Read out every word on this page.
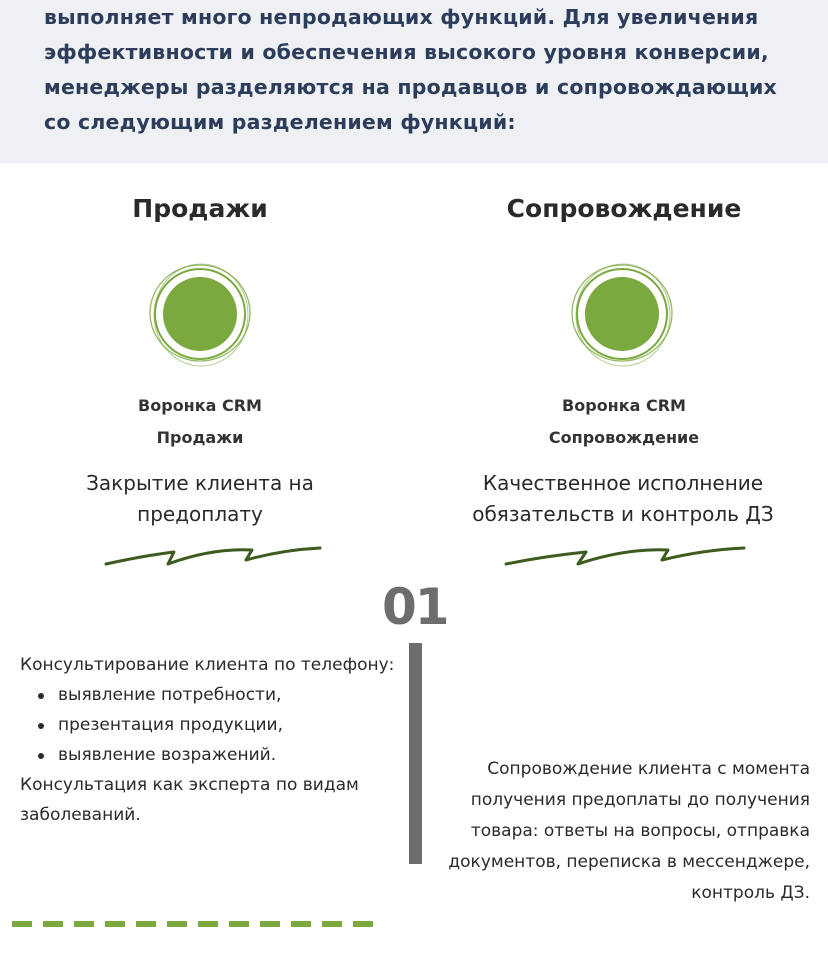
выполняет много непродающих функций. Для увеличения эффективности и обеспечения высокого уровня конверсии, менеджеры разделяются на продавцов и сопровождающих со следующим разделением функций:

Продажи
Воронка CRM
Продажи
Закрытие клиента на предоплату
Сопровождение
Воронка CRM
Сопровождение
Качественное исполнение обязательств и контроль ДЗ
01
Консультирование клиента по телефону:
выявление потребности,
презентация продукции,
выявление возражений.
Консультация как эксперта по видам заболеваний.
Сопровождение клиента с момента получения предоплаты до получения товара: ответы на вопросы, отправка документов, переписка в мессенджере, контроль ДЗ.
